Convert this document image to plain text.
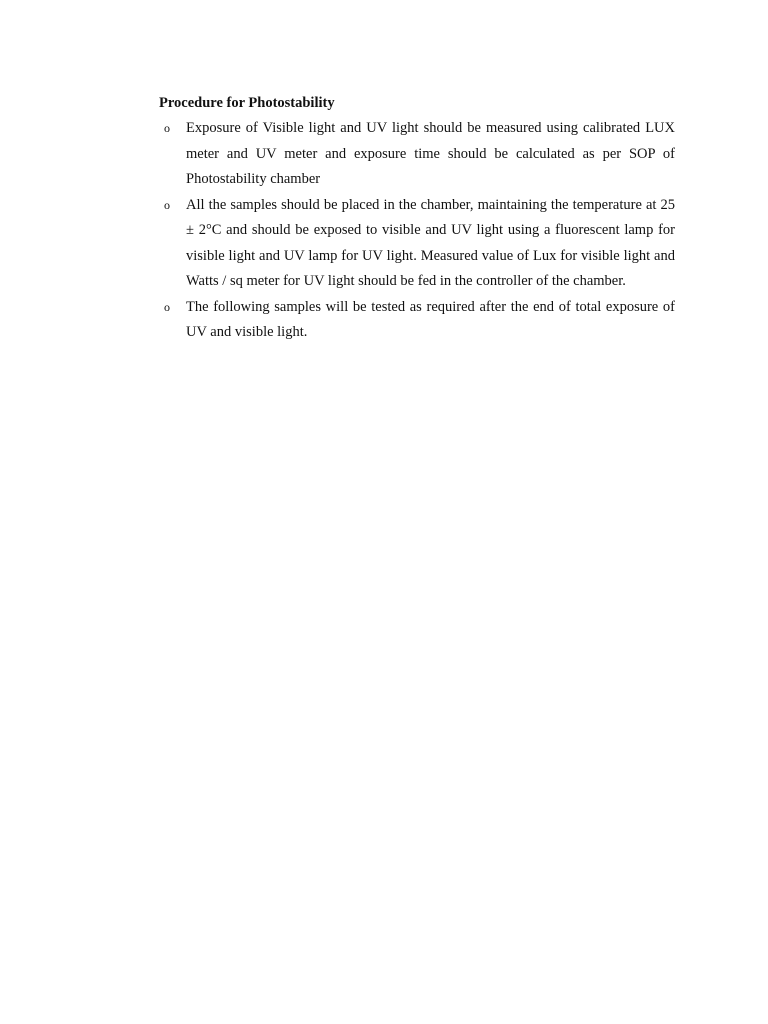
Procedure for Photostability
o Exposure of Visible light and UV light should be measured using calibrated LUX meter and UV meter and exposure time should be calculated as per SOP of Photostability chamber
o All the samples should be placed in the chamber, maintaining the temperature at 25 ± 2°C and should be exposed to visible and UV light using a fluorescent lamp for visible light and UV lamp for UV light. Measured value of Lux for visible light and Watts / sq meter for UV light should be fed in the controller of the chamber.
o The following samples will be tested as required after the end of total exposure of UV and visible light.
